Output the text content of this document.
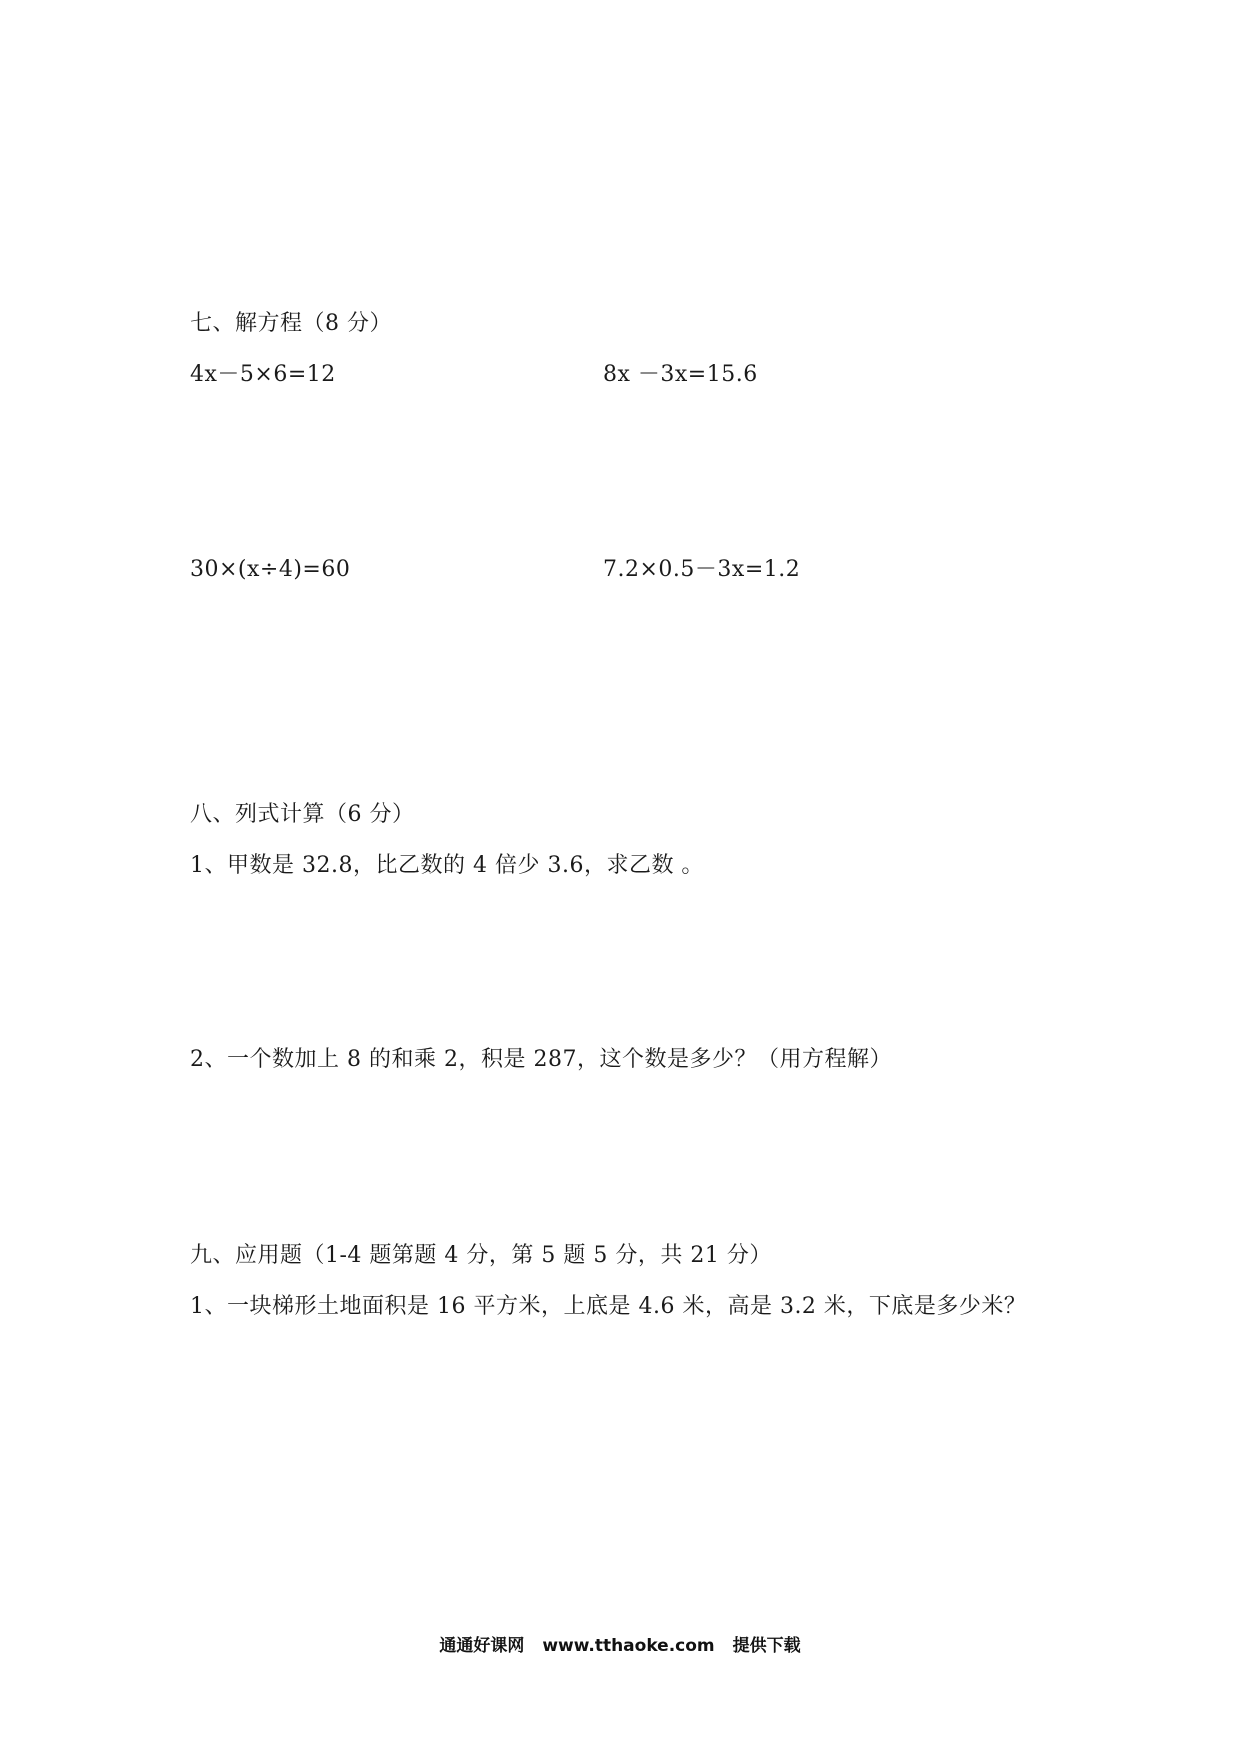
七、解方程（8 分）
4x－5×6=12	8x －3x=15.6
30×(x÷4)=60	7.2×0.5－3x=1.2
八、列式计算（6 分）
1、甲数是 32.8，比乙数的 4 倍少 3.6，求乙数 。
2、一个数加上 8 的和乘 2，积是 287，这个数是多少？（用方程解）
九、应用题（1-4 题第题 4 分，第 5 题 5 分，共 21 分）
1、一块梯形土地面积是 16 平方米，上底是 4.6 米，高是 3.2 米，下底是多少米？
通通好课网 www.tthaoke.com 提供下载
